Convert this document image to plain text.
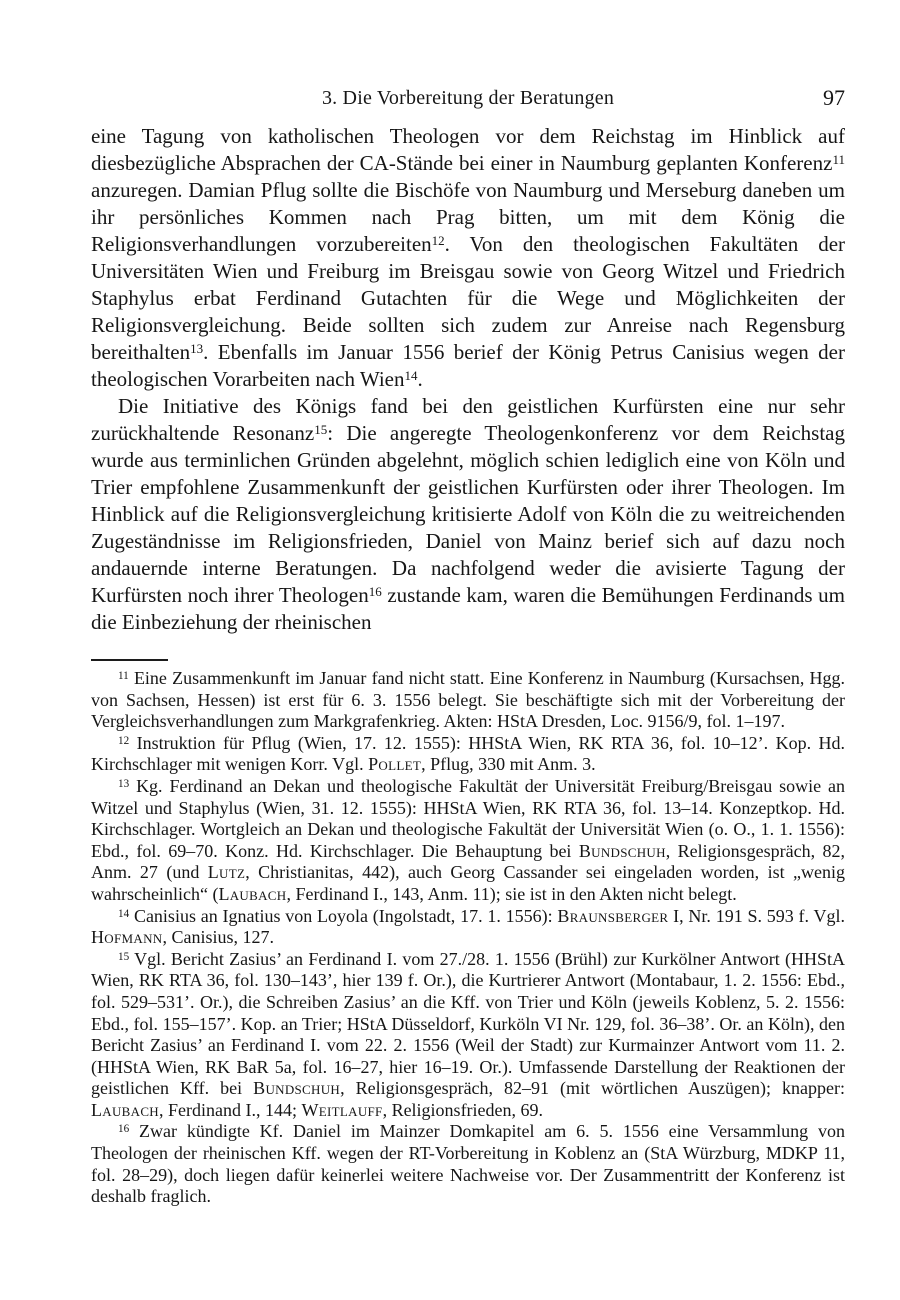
3. Die Vorbereitung der Beratungen	97

eine Tagung von katholischen Theologen vor dem Reichstag im Hinblick auf diesbezügliche Absprachen der CA-Stände bei einer in Naumburg geplanten Konferenz$^{11}$ anzuregen. Damian Pflug sollte die Bischöfe von Naumburg und Merseburg daneben um ihr persönliches Kommen nach Prag bitten, um mit dem König die Religionsverhandlungen vorzubereiten$^{12}$. Von den theologischen Fakultäten der Universitäten Wien und Freiburg im Breisgau sowie von Georg Witzel und Friedrich Staphylus erbat Ferdinand Gutachten für die Wege und Möglichkeiten der Religionsvergleichung. Beide sollten sich zudem zur Anreise nach Regensburg bereithalten$^{13}$. Ebenfalls im Januar 1556 berief der König Petrus Canisius wegen der theologischen Vorarbeiten nach Wien$^{14}$.

Die Initiative des Königs fand bei den geistlichen Kurfürsten eine nur sehr zurückhaltende Resonanz$^{15}$: Die angeregte Theologenkonferenz vor dem Reichstag wurde aus terminlichen Gründen abgelehnt, möglich schien lediglich eine von Köln und Trier empfohlene Zusammenkunft der geistlichen Kurfürsten oder ihrer Theologen. Im Hinblick auf die Religionsvergleichung kritisierte Adolf von Köln die zu weitreichenden Zugeständnisse im Religionsfrieden, Daniel von Mainz berief sich auf dazu noch andauernde interne Beratungen. Da nachfolgend weder die avisierte Tagung der Kurfürsten noch ihrer Theologen$^{16}$ zustande kam, waren die Bemühungen Ferdinands um die Einbeziehung der rheinischen

$^{11}$ Eine Zusammenkunft im Januar fand nicht statt. Eine Konferenz in Naumburg (Kursachsen, Hgg. von Sachsen, Hessen) ist erst für 6. 3. 1556 belegt. Sie beschäftigte sich mit der Vorbereitung der Vergleichsverhandlungen zum Markgrafenkrieg. Akten: HStA Dresden, Loc. 9156/9, fol. 1–197.

$^{12}$ Instruktion für Pflug (Wien, 17. 12. 1555): HHStA Wien, RK RTA 36, fol. 10–12’. Kop. Hd. Kirchschlager mit wenigen Korr. Vgl. Pollet, Pflug, 330 mit Anm. 3.

$^{13}$ Kg. Ferdinand an Dekan und theologische Fakultät der Universität Freiburg/Breisgau sowie an Witzel und Staphylus (Wien, 31. 12. 1555): HHStA Wien, RK RTA 36, fol. 13–14. Konzeptkop. Hd. Kirchschlager. Wortgleich an Dekan und theologische Fakultät der Universität Wien (o. O., 1. 1. 1556): Ebd., fol. 69–70. Konz. Hd. Kirchschlager. Die Behauptung bei Bundschuh, Religionsgespräch, 82, Anm. 27 (und Lutz, Christianitas, 442), auch Georg Cassander sei eingeladen worden, ist „wenig wahrscheinlich“ (Laubach, Ferdinand I., 143, Anm. 11); sie ist in den Akten nicht belegt.

$^{14}$ Canisius an Ignatius von Loyola (Ingolstadt, 17. 1. 1556): Braunsberger I, Nr. 191 S. 593 f. Vgl. Hofmann, Canisius, 127.

$^{15}$ Vgl. Bericht Zasius’ an Ferdinand I. vom 27./28. 1. 1556 (Brühl) zur Kurkölner Antwort (HHStA Wien, RK RTA 36, fol. 130–143’, hier 139 f. Or.), die Kurtrierer Antwort (Montabaur, 1. 2. 1556: Ebd., fol. 529–531’. Or.), die Schreiben Zasius’ an die Kff. von Trier und Köln (jeweils Koblenz, 5. 2. 1556: Ebd., fol. 155–157’. Kop. an Trier; HStA Düsseldorf, Kurköln VI Nr. 129, fol. 36–38’. Or. an Köln), den Bericht Zasius’ an Ferdinand I. vom 22. 2. 1556 (Weil der Stadt) zur Kurmainzer Antwort vom 11. 2. (HHStA Wien, RK BaR 5a, fol. 16–27, hier 16–19. Or.). Umfassende Darstellung der Reaktionen der geistlichen Kff. bei Bundschuh, Religionsgespräch, 82–91 (mit wörtlichen Auszügen); knapper: Laubach, Ferdinand I., 144; Weitlauff, Religionsfrieden, 69.

$^{16}$ Zwar kündigte Kf. Daniel im Mainzer Domkapitel am 6. 5. 1556 eine Versammlung von Theologen der rheinischen Kff. wegen der RT-Vorbereitung in Koblenz an (StA Würzburg, MDKP 11, fol. 28–29), doch liegen dafür keinerlei weitere Nachweise vor. Der Zusammentritt der Konferenz ist deshalb fraglich.
